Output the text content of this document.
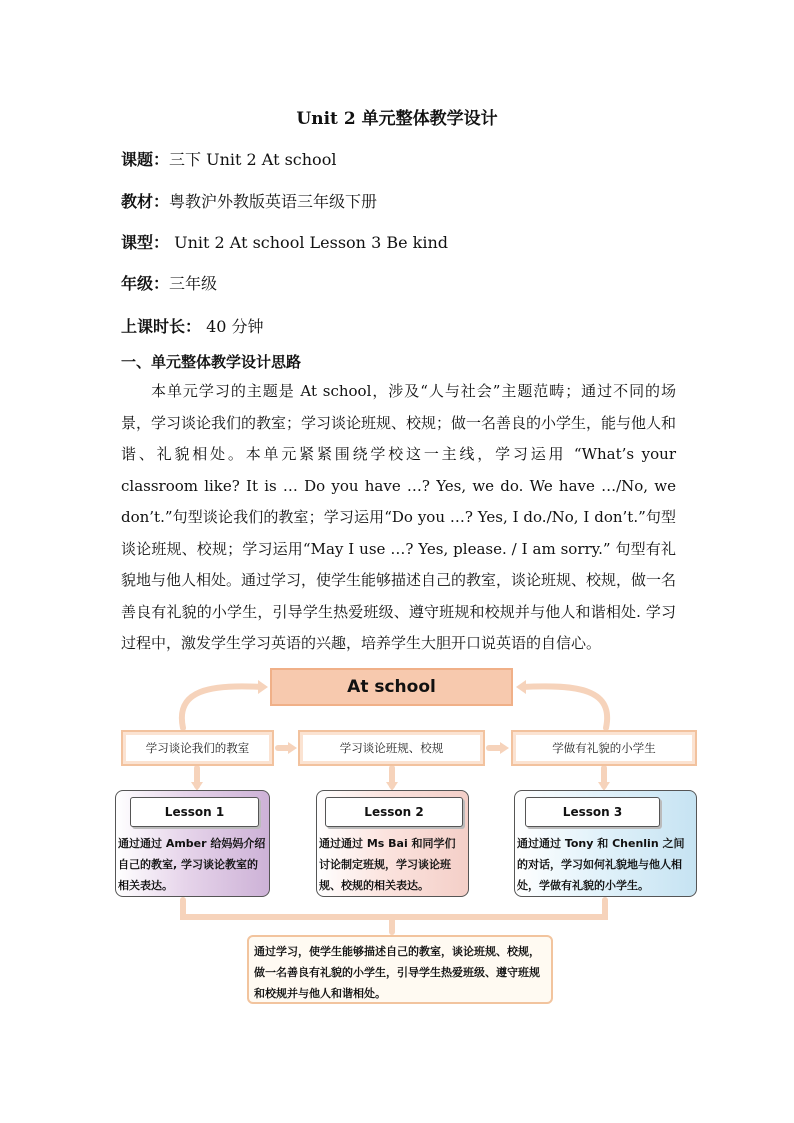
Unit 2 单元整体教学设计
课题：三下 Unit 2 At school
教材：粤教沪外教版英语三年级下册
课型： Unit 2 At school Lesson 3 Be kind
年级：三年级
上课时长： 40 分钟
一、单元整体教学设计思路
本单元学习的主题是 At school，涉及“人与社会”主题范畴；通过不同的场景，学习谈论我们的教室；学习谈论班规、校规；做一名善良的小学生，能与他人和谐、礼貌相处。本单元紧紧围绕学校这一主线，学习运用 “What’s your classroom like? It is … Do you have …? Yes, we do. We have …/No, we don’t.”句型谈论我们的教室；学习运用“Do you …? Yes, I do./No, I don’t.”句型谈论班规、校规；学习运用“May I use …? Yes, please. / I am sorry.” 句型有礼貌地与他人相处。通过学习，使学生能够描述自己的教室，谈论班规、校规，做一名善良有礼貌的小学生，引导学生热爱班级、遵守班规和校规并与他人和谐相处. 学习过程中，激发学生学习英语的兴趣，培养学生大胆开口说英语的自信心。
At school
学习谈论我们的教室	学习谈论班规、校规	学做有礼貌的小学生
Lesson 1
通过通过 Amber 给妈妈介绍自己的教室, 学习谈论教室的相关表达。
Lesson 2
通过通过 Ms Bai 和同学们讨论制定班规，学习谈论班规、校规的相关表达。
Lesson 3
通过通过 Tony 和 Chenlin 之间的对话，学习如何礼貌地与他人相处，学做有礼貌的小学生。
通过学习，使学生能够描述自己的教室，谈论班规、校规，做一名善良有礼貌的小学生，引导学生热爱班级、遵守班规和校规并与他人和谐相处。
